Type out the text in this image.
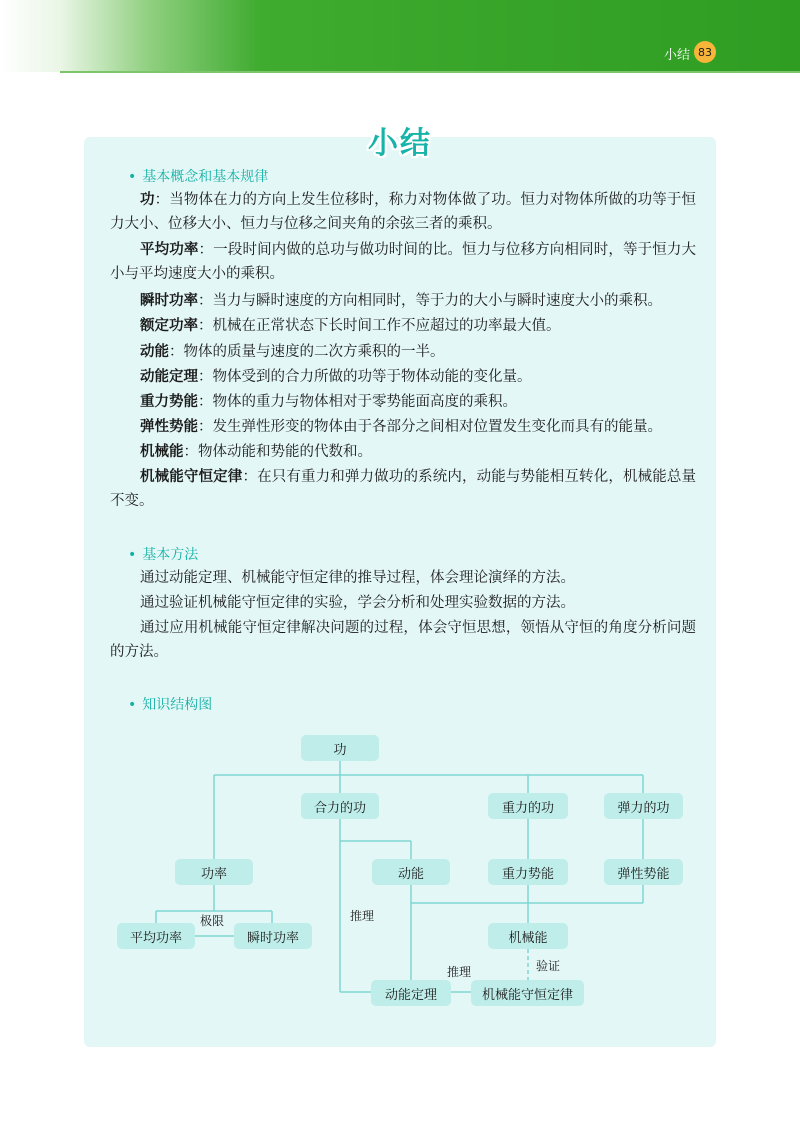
小结 83
小结
• 基本概念和基本规律

功：当物体在力的方向上发生位移时，称力对物体做了功。恒力对物体所做的功等于恒力大小、位移大小、恒力与位移之间夹角的余弦三者的乘积。

平均功率：一段时间内做的总功与做功时间的比。恒力与位移方向相同时，等于恒力大小与平均速度大小的乘积。

瞬时功率：当力与瞬时速度的方向相同时，等于力的大小与瞬时速度大小的乘积。

额定功率：机械在正常状态下长时间工作不应超过的功率最大值。

动能：物体的质量与速度的二次方乘积的一半。

动能定理：物体受到的合力所做的功等于物体动能的变化量。

重力势能：物体的重力与物体相对于零势能面高度的乘积。

弹性势能：发生弹性形变的物体由于各部分之间相对位置发生变化而具有的能量。

机械能：物体动能和势能的代数和。

机械能守恒定律：在只有重力和弹力做功的系统内，动能与势能相互转化，机械能总量不变。

• 基本方法

通过动能定理、机械能守恒定律的推导过程，体会理论演绎的方法。

通过验证机械能守恒定律的实验，学会分析和处理实验数据的方法。

通过应用机械能守恒定律解决问题的过程，体会守恒思想，领悟从守恒的角度分析问题的方法。

• 知识结构图
功
合力的功	重力的功	弹力的功
功率	动能	重力势能	弹性势能
平均功率	瞬时功率	机械能
动能定理	机械能守恒定律
极限	推理
推理	验证
